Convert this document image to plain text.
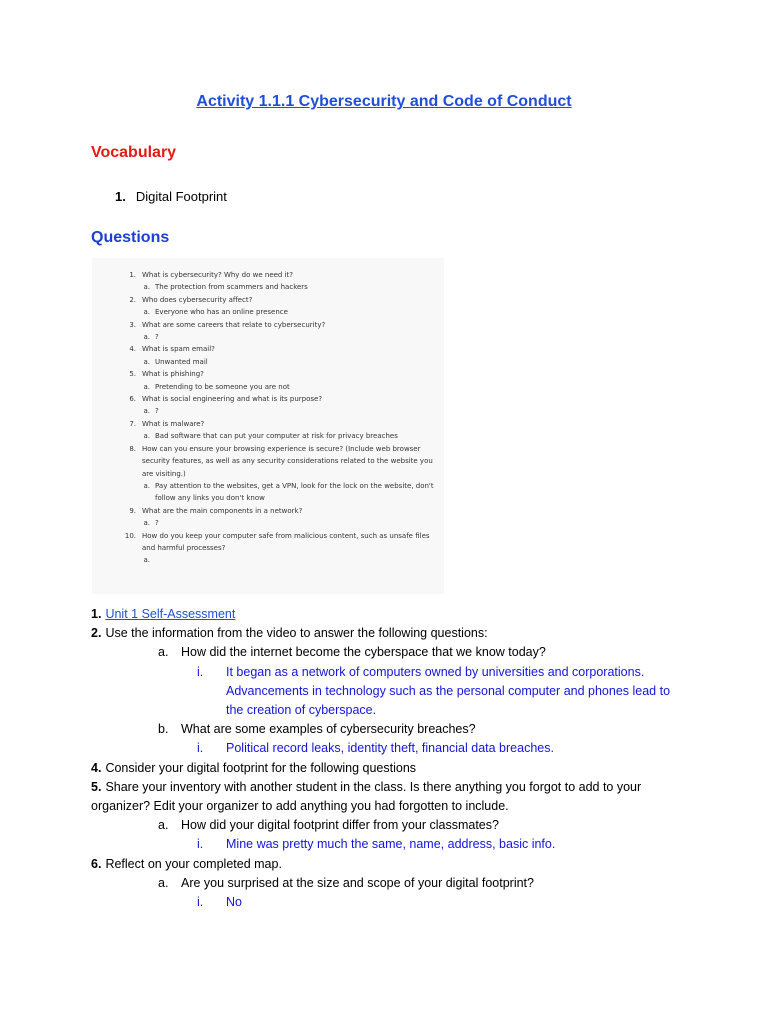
Activity 1.1.1 Cybersecurity and Code of Conduct
Vocabulary
1. Digital Footprint
Questions
1. What is cybersecurity? Why do we need it?
a. The protection from scammers and hackers
2. Who does cybersecurity affect?
a. Everyone who has an online presence
3. What are some careers that relate to cybersecurity?
a. ?
4. What is spam email?
a. Unwanted mail
5. What is phishing?
a. Pretending to be someone you are not
6. What is social engineering and what is its purpose?
a. ?
7. What is malware?
a. Bad software that can put your computer at risk for privacy breaches
8. How can you ensure your browsing experience is secure? (Include web browser
security features, as well as any security considerations related to the website you
are visiting.)
a. Pay attention to the websites, get a VPN, look for the lock on the website, don't
follow any links you don't know
9. What are the main components in a network?
a. ?
10. How do you keep your computer safe from malicious content, such as unsafe files
and harmful processes?
a.
1. Unit 1 Self-Assessment
2. Use the information from the video to answer the following questions:
a. How did the internet become the cyberspace that we know today?
i. It began as a network of computers owned by universities and corporations.
Advancements in technology such as the personal computer and phones lead to
the creation of cyberspace.
b. What are some examples of cybersecurity breaches?
i. Political record leaks, identity theft, financial data breaches.
4. Consider your digital footprint for the following questions
5. Share your inventory with another student in the class. Is there anything you forgot to add to your
organizer? Edit your organizer to add anything you had forgotten to include.
a. How did your digital footprint differ from your classmates?
i. Mine was pretty much the same, name, address, basic info.
6. Reflect on your completed map.
a. Are you surprised at the size and scope of your digital footprint?
i. No
